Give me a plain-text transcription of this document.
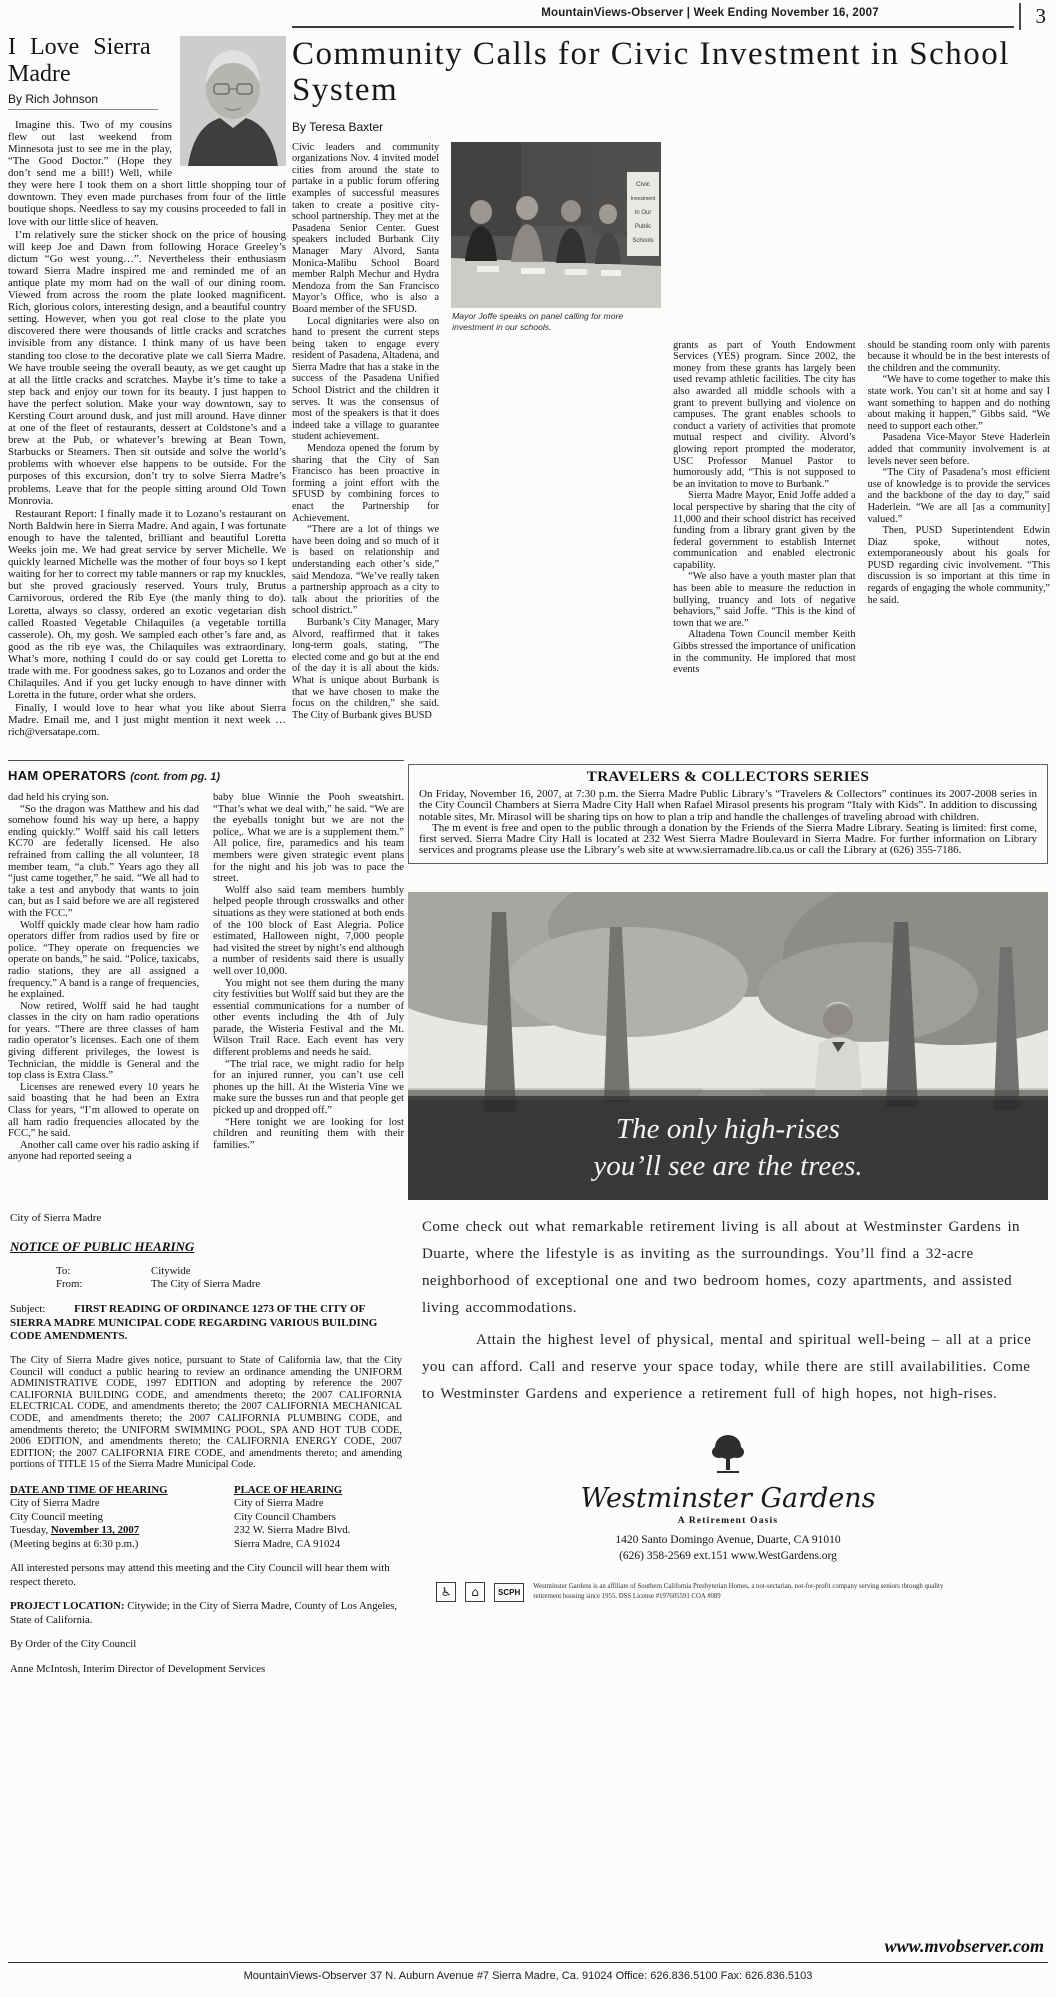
MountainViews-Observer | Week Ending November 16, 2007	3
I Love Sierra Madre
By Rich Johnson

Imagine this. Two of my cousins flew out last weekend from Minnesota just to see me in the play, “The Good Doctor.” (Hope they don’t send me a bill!) Well, while they were here I took them on a short little shopping tour of downtown. They even made purchases from four of the little boutique shops. Needless to say my cousins proceeded to fall in love with our little slice of heaven.

I’m relatively sure the sticker shock on the price of housing will keep Joe and Dawn from following Horace Greeley’s dictum “Go west young…”. Nevertheless their enthusiasm toward Sierra Madre inspired me and reminded me of an antique plate my mom had on the wall of our dining room. Viewed from across the room the plate looked magnificent. Rich, glorious colors, interesting design, and a beautiful country setting. However, when you got real close to the plate you discovered there were thousands of little cracks and scratches invisible from any distance. I think many of us have been standing too close to the decorative plate we call Sierra Madre. We have trouble seeing the overall beauty, as we get caught up at all the little cracks and scratches. Maybe it’s time to take a step back and enjoy our town for its beauty. I just happen to have the perfect solution. Make your way downtown, say to Kersting Court around dusk, and just mill around. Have dinner at one of the fleet of restaurants, dessert at Coldstone’s and a brew at the Pub, or whatever’s brewing at Bean Town, Starbucks or Steamers. Then sit outside and solve the world’s problems with whoever else happens to be outside. For the purposes of this excursion, don’t try to solve Sierra Madre’s problems. Leave that for the people sitting around Old Town Monrovia.

Restaurant Report: I finally made it to Lozano’s restaurant on North Baldwin here in Sierra Madre. And again, I was fortunate enough to have the talented, brilliant and beautiful Loretta Weeks join me. We had great service by server Michelle. We quickly learned Michelle was the mother of four boys so I kept waiting for her to correct my table manners or rap my knuckles, but she proved graciously reserved. Yours truly, Brutus Carnivorous, ordered the Rib Eye (the manly thing to do). Loretta, always so classy, ordered an exotic vegetarian dish called Roasted Vegetable Chilaquiles (a vegetable tortilla casserole). Oh, my gosh. We sampled each other’s fare and, as good as the rib eye was, the Chilaquiles was extraordinary. What’s more, nothing I could do or say could get Loretta to trade with me. For goodness sakes, go to Lozanos and order the Chilaquiles. And if you get lucky enough to have dinner with Loretta in the future, order what she orders.

Finally, I would love to hear what you like about Sierra Madre. Email me, and I just might mention it next week … rich@versatape.com.

Community Calls for Civic Investment in School System
By Teresa Baxter

Civic leaders and community organizations Nov. 4 invited model cities from around the state to partake in a public forum offering examples of successful measures taken to create a positive city-school partnership. They met at the Pasadena Senior Center. Guest speakers included Burbank City Manager Mary Alvord, Santa Monica-Malibu School Board member Ralph Mechur and Hydra Mendoza from the San Francisco Mayor’s Office, who is also a Board member of the SFUSD.

Local dignitaries were also on hand to present the current steps being taken to engage every resident of Pasadena, Altadena, and Sierra Madre that has a stake in the success of the Pasadena Unified School District and the children it serves. It was the consensus of most of the speakers is that it does indeed take a village to guarantee student achievement.

Mendoza opened the forum by sharing that the City of San Francisco has been proactive in forming a joint effort with the SFUSD by combining forces to enact the Partnership for Achievement.

“There are a lot of things we have been doing and so much of it is based on relationship and understanding each other’s side,” said Mendoza. “We’ve really taken a partnership approach as a city to talk about the priorities of the school district.”

Burbank’s City Manager, Mary Alvord, reaffirmed that it takes long-term goals, stating, “The elected come and go but at the end of the day it is all about the kids. What is unique about Burbank is that we have chosen to make the focus on the children,” she said. The City of Burbank gives BUSD

Civic
Investment
In Our
Public
Schools
Mayor Joffe speaks on panel calling for more investment in our schools.

grants as part of Youth Endowment Services (YES) program. Since 2002, the money from these grants has largely been used revamp athletic facilities. The city has also awarded all middle schools with a grant to prevent bullying and violence on campuses. The grant enables schools to conduct a variety of activities that promote mutual respect and civility. Alvord’s glowing report prompted the moderator, USC Professor Manuel Pastor to humorously add, “This is not supposed to be an invitation to move to Burbank.”

Sierra Madre Mayor, Enid Joffe added a local perspective by sharing that the city of 11,000 and their school district has received funding from a library grant given by the federal government to establish Internet communication and enabled electronic capability.

“We also have a youth master plan that has been able to measure the reduction in bullying, truancy and lots of negative behaviors,” said Joffe. “This is the kind of town that we are.”

Altadena Town Council member Keith Gibbs stressed the importance of unification in the community. He implored that most events

should be standing room only with parents because it whould be in the best interests of the children and the community.

“We have to come together to make this state work. You can’t sit at home and say I want something to happen and do nothing about making it happen,” Gibbs said. “We need to support each other.”

Pasadena Vice-Mayor Steve Haderlein added that community involvement is at levels never seen before.

“The City of Pasadena’s most efficient use of knowledge is to provide the services and the backbone of the day to day,” said Haderlein. “We are all [as a community] valued.”

Then, PUSD Superintendent Edwin Diaz spoke, without notes, extemporaneously about his goals for PUSD regarding civic involvement. “This discussion is so important at this time in regards of engaging the whole community,” he said.

HAM OPERATORS (cont. from pg. 1)

dad held his crying son.

“So the dragon was Matthew and his dad somehow found his way up here, a happy ending quickly.” Wolff said his call letters KC70 are federally licensed. He also refrained from calling the all volunteer, 18 member team, “a club.” Years ago they all “just came together,” he said. “We all had to take a test and anybody that wants to join can, but as I said before we are all registered with the FCC.”

Wolff quickly made clear how ham radio operators differ from radios used by fire or police. “They operate on frequencies we operate on bands,” he said. “Police, taxicabs, radio stations, they are all assigned a frequency.” A band is a range of frequencies, he explained.

Now retired, Wolff said he had taught classes in the city on ham radio operations for years. “There are three classes of ham radio operator’s licenses. Each one of them giving different privileges, the lowest is Technician, the middle is General and the top class is Extra Class.”

Licenses are renewed every 10 years he said boasting that he had been an Extra Class for years, “I’m allowed to operate on all ham radio frequencies allocated by the FCC,” he said.

Another call came over his radio asking if anyone had reported seeing a

baby blue Winnie the Pooh sweatshirt. “That’s what we deal with,” he said. “We are the eyeballs tonight but we are not the police,. What we are is a supplement them.” All police, fire, paramedics and his team members were given strategic event plans for the night and his job was to pace the street.

Wolff also said team members humbly helped people through crosswalks and other situations as they were stationed at both ends of the 100 block of East Alegria. Police estimated, Halloween night, 7,000 people had visited the street by night’s end although a number of residents said there is usually well over 10,000.

You might not see them during the many city festivities but Wolff said but they are the essential communications for a number of other events including the 4th of July parade, the Wisteria Festival and the Mt. Wilson Trail Race. Each event has very different problems and needs he said.

“The trial race, we might radio for help for an injured runner, you can’t use cell phones up the hill. At the Wisteria Vine we make sure the busses run and that people get picked up and dropped off.”

“Here tonight we are looking for lost children and reuniting them with their families.”

TRAVELERS & COLLECTORS SERIES

On Friday, November 16, 2007, at 7:30 p.m. the Sierra Madre Public Library’s “Travelers & Collectors” continues its 2007-2008 series in the City Council Chambers at Sierra Madre City Hall when Rafael Mirasol presents his program “Italy with Kids”. In addition to discussing notable sites, Mr. Mirasol will be sharing tips on how to plan a trip and handle the challenges of traveling abroad with children.

The m event is free and open to the public through a donation by the Friends of the Sierra Madre Library. Seating is limited: first come, first served. Sierra Madre City Hall is located at 232 West Sierra Madre Boulevard in Sierra Madre. For further information on Library services and programs please use the Library’s web site at www.sierramadre.lib.ca.us or call the Library at (626) 355-7186.

The only high-rises
you’ll see are the trees.

Come check out what remarkable retirement living is all about at Westminster Gardens in Duarte, where the lifestyle is as inviting as the surroundings. You’ll find a 32-acre neighborhood of exceptional one and two bedroom homes, cozy apartments, and assisted living accommodations.

Attain the highest level of physical, mental and spiritual well-being – all at a price you can afford. Call and reserve your space today, while there are still availabilities. Come to Westminster Gardens and experience a retirement full of high hopes, not high-rises.

Westminster Gardens
A Retirement Oasis
1420 Santo Domingo Avenue, Duarte, CA 91010
(626) 358-2569 ext.151 www.WestGardens.org
♿	⌂	SCPH
Westminster Gardens is an affiliate of Southern California Presbyterian Homes, a not-sectarian, not-for-profit company serving seniors through quality retirement housing since 1955. DSS License #197605591 COA #089
City of Sierra Madre
NOTICE OF PUBLIC HEARING
To:	Citywide
From:	The City of Sierra Madre

Subject:	FIRST READING OF ORDINANCE 1273 OF THE CITY OF SIERRA MADRE MUNICIPAL CODE REGARDING VARIOUS BUILDING CODE AMENDMENTS.

The City of Sierra Madre gives notice, pursuant to State of California law, that the City Council will conduct a public hearing to review an ordinance amending the UNIFORM ADMINISTRATIVE CODE, 1997 EDITION and adopting by reference the 2007 CALIFORNIA BUILDING CODE, and amendments thereto; the 2007 CALIFORNIA ELECTRICAL CODE, and amendments thereto; the 2007 CALIFORNIA MECHANICAL CODE, and amendments thereto; the 2007 CALIFORNIA PLUMBING CODE, and amendments thereto; the UNIFORM SWIMMING POOL, SPA AND HOT TUB CODE, 2006 EDITION, and amendments thereto; the CALIFORNIA ENERGY CODE, 2007 EDITION; the 2007 CALIFORNIA FIRE CODE, and amendments thereto; and amending portions of TITLE 15 of the Sierra Madre Municipal Code.

DATE AND TIME OF HEARING
City of Sierra Madre
City Council meeting
Tuesday, November 13, 2007
(Meeting begins at 6:30 p.m.)
PLACE OF HEARING
City of Sierra Madre
City Council Chambers
232 W. Sierra Madre Blvd.
Sierra Madre, CA 91024
All interested persons may attend this meeting and the City Council will hear them with respect thereto.
PROJECT LOCATION: Citywide; in the City of Sierra Madre, County of Los Angeles, State of California.
By Order of the City Council
Anne McIntosh, Interim Director of Development Services
www.mvobserver.com
MountainViews-Observer 37 N. Auburn Avenue #7 Sierra Madre, Ca. 91024 Office: 626.836.5100 Fax: 626.836.5103
